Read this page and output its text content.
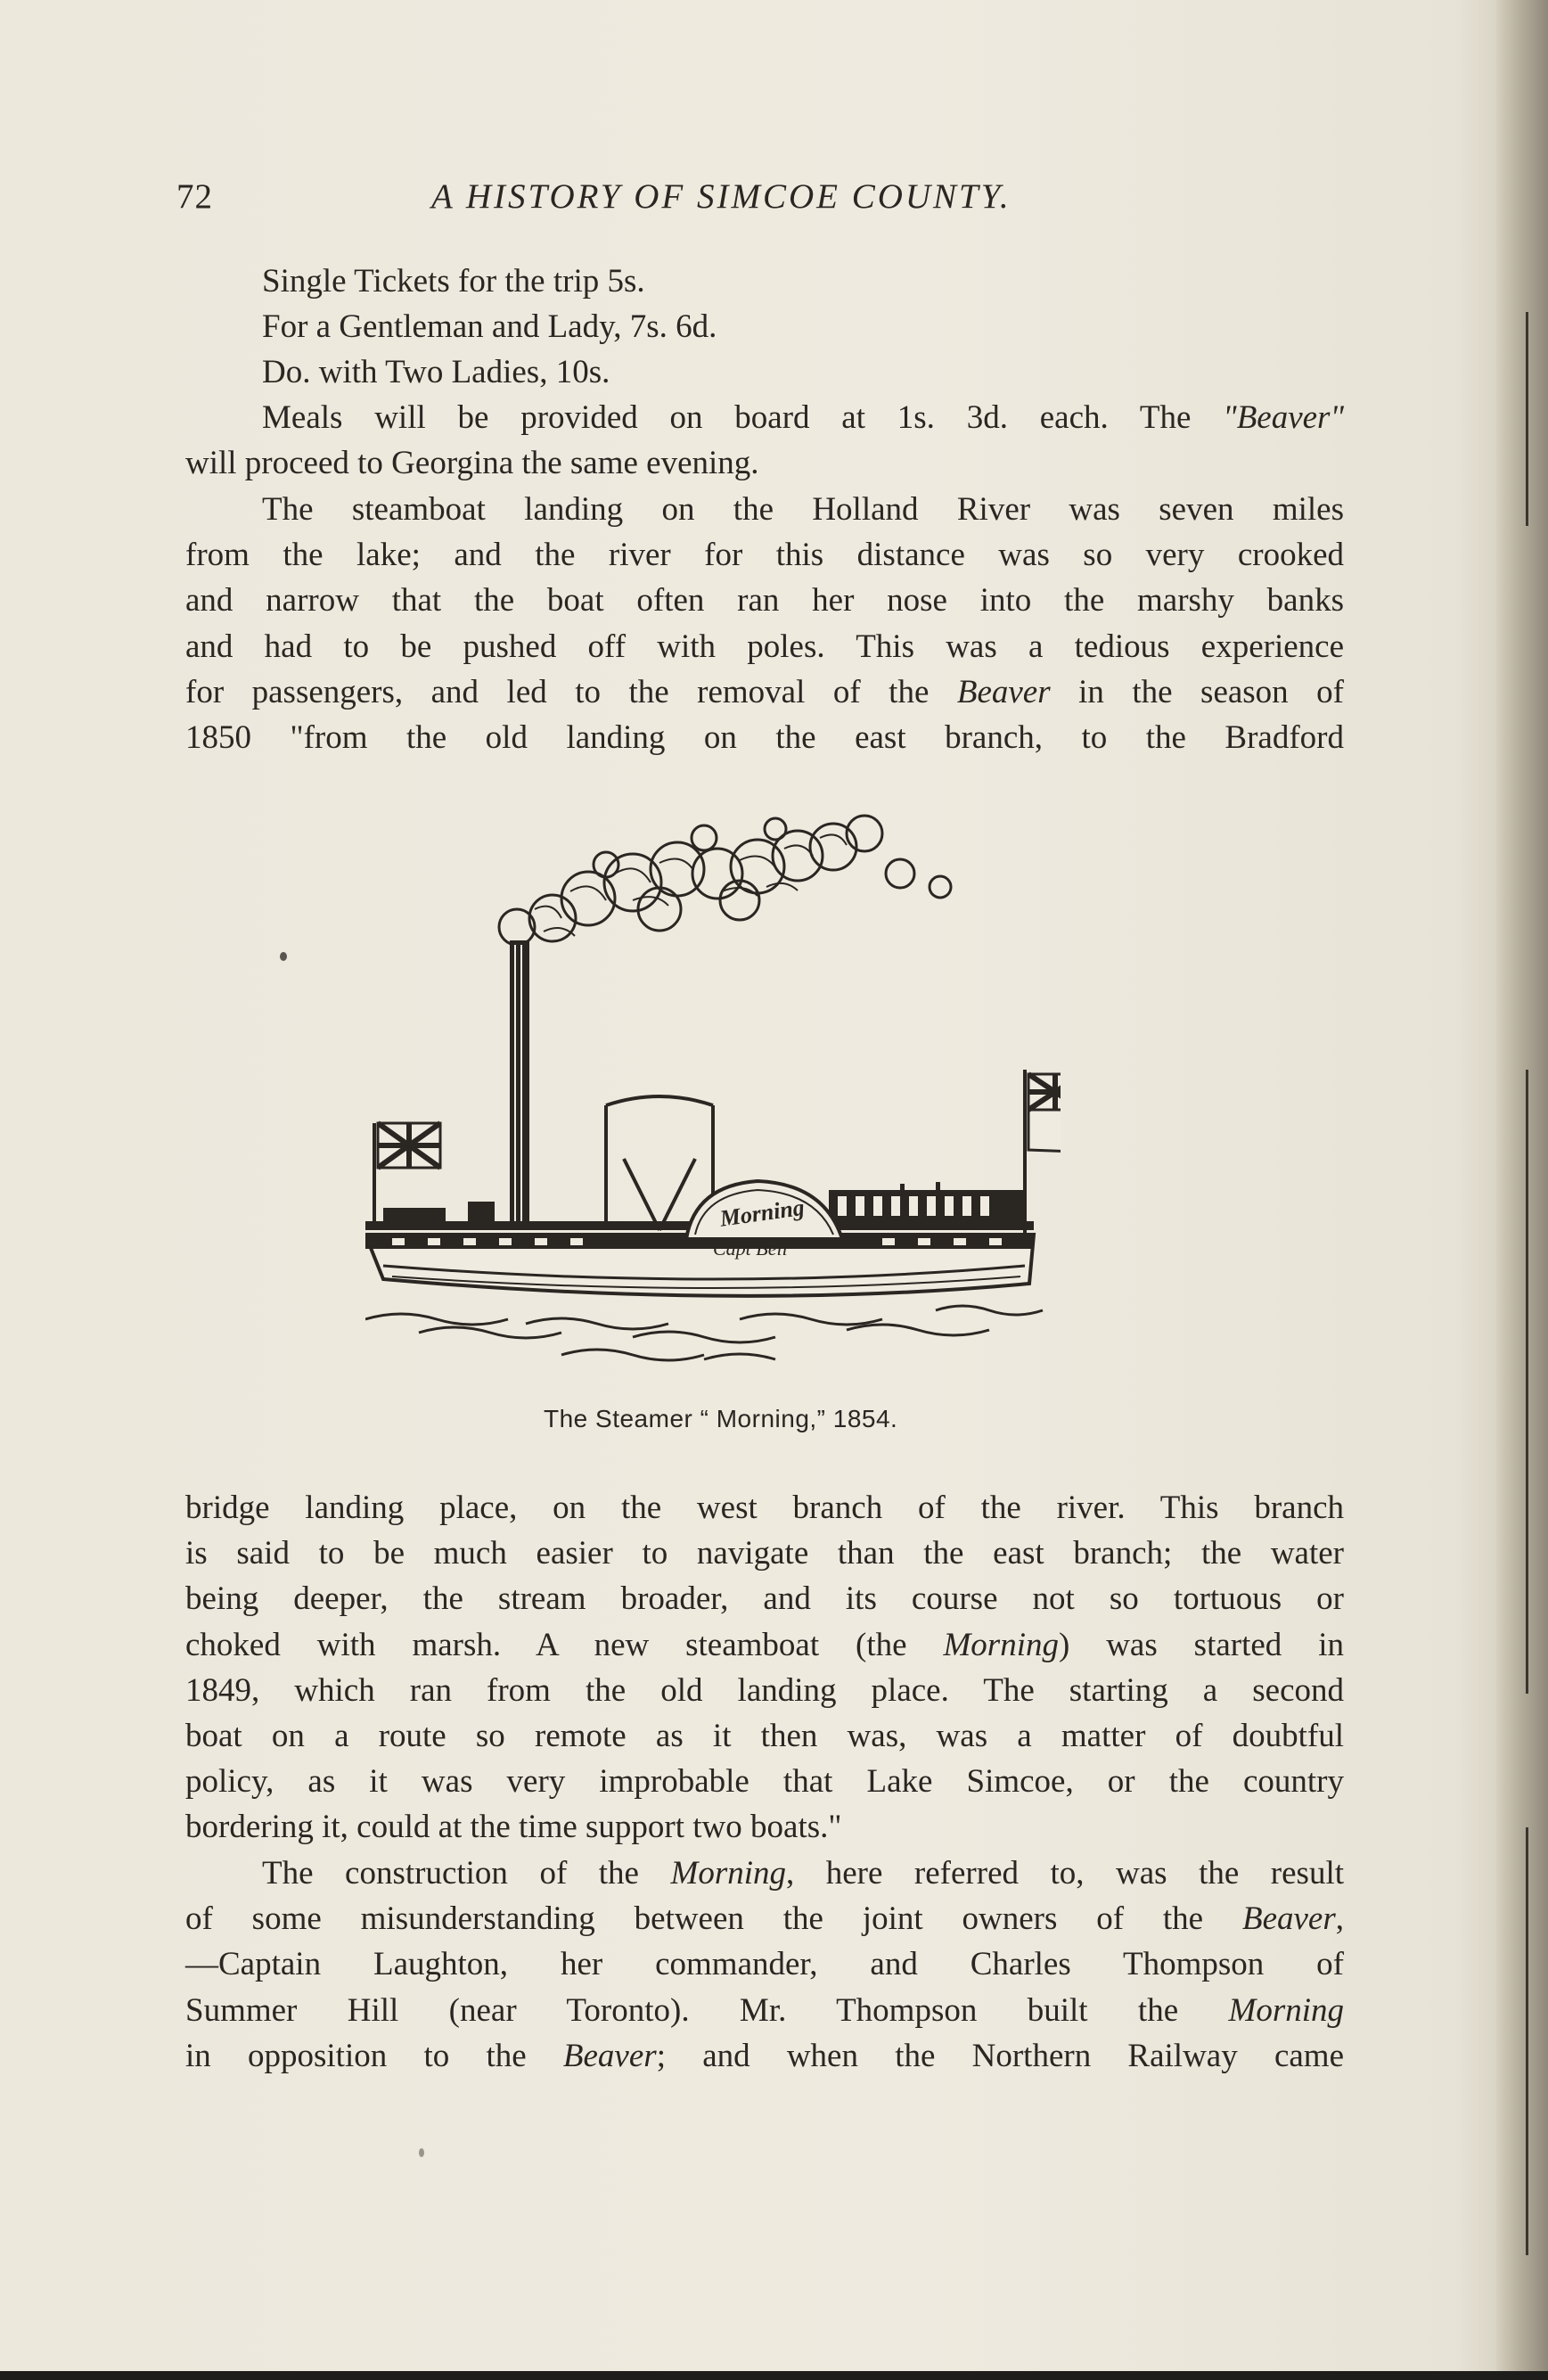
72	A HISTORY OF SIMCOE COUNTY.
Single Tickets for the trip 5s.
For a Gentleman and Lady, 7s. 6d.
Do. with Two Ladies, 10s.
Meals will be provided on board at 1s. 3d. each. The "Beaver"
will proceed to Georgina the same evening.
The steamboat landing on the Holland River was seven miles
from the lake; and the river for this distance was so very crooked
and narrow that the boat often ran her nose into the marshy banks
and had to be pushed off with poles. This was a tedious experience
for passengers, and led to the removal of the Beaver in the season of
1850 "from the old landing on the east branch, to the Bradford
Morning
Capt Bell
The Steamer “ Morning,” 1854.
bridge landing place, on the west branch of the river. This branch
is said to be much easier to navigate than the east branch; the water
being deeper, the stream broader, and its course not so tortuous or
choked with marsh. A new steamboat (the Morning) was started in
1849, which ran from the old landing place. The starting a second
boat on a route so remote as it then was, was a matter of doubtful
policy, as it was very improbable that Lake Simcoe, or the country
bordering it, could at the time support two boats."
The construction of the Morning, here referred to, was the result
of some misunderstanding between the joint owners of the Beaver,
—Captain Laughton, her commander, and Charles Thompson of
Summer Hill (near Toronto). Mr. Thompson built the Morning
in opposition to the Beaver; and when the Northern Railway came
